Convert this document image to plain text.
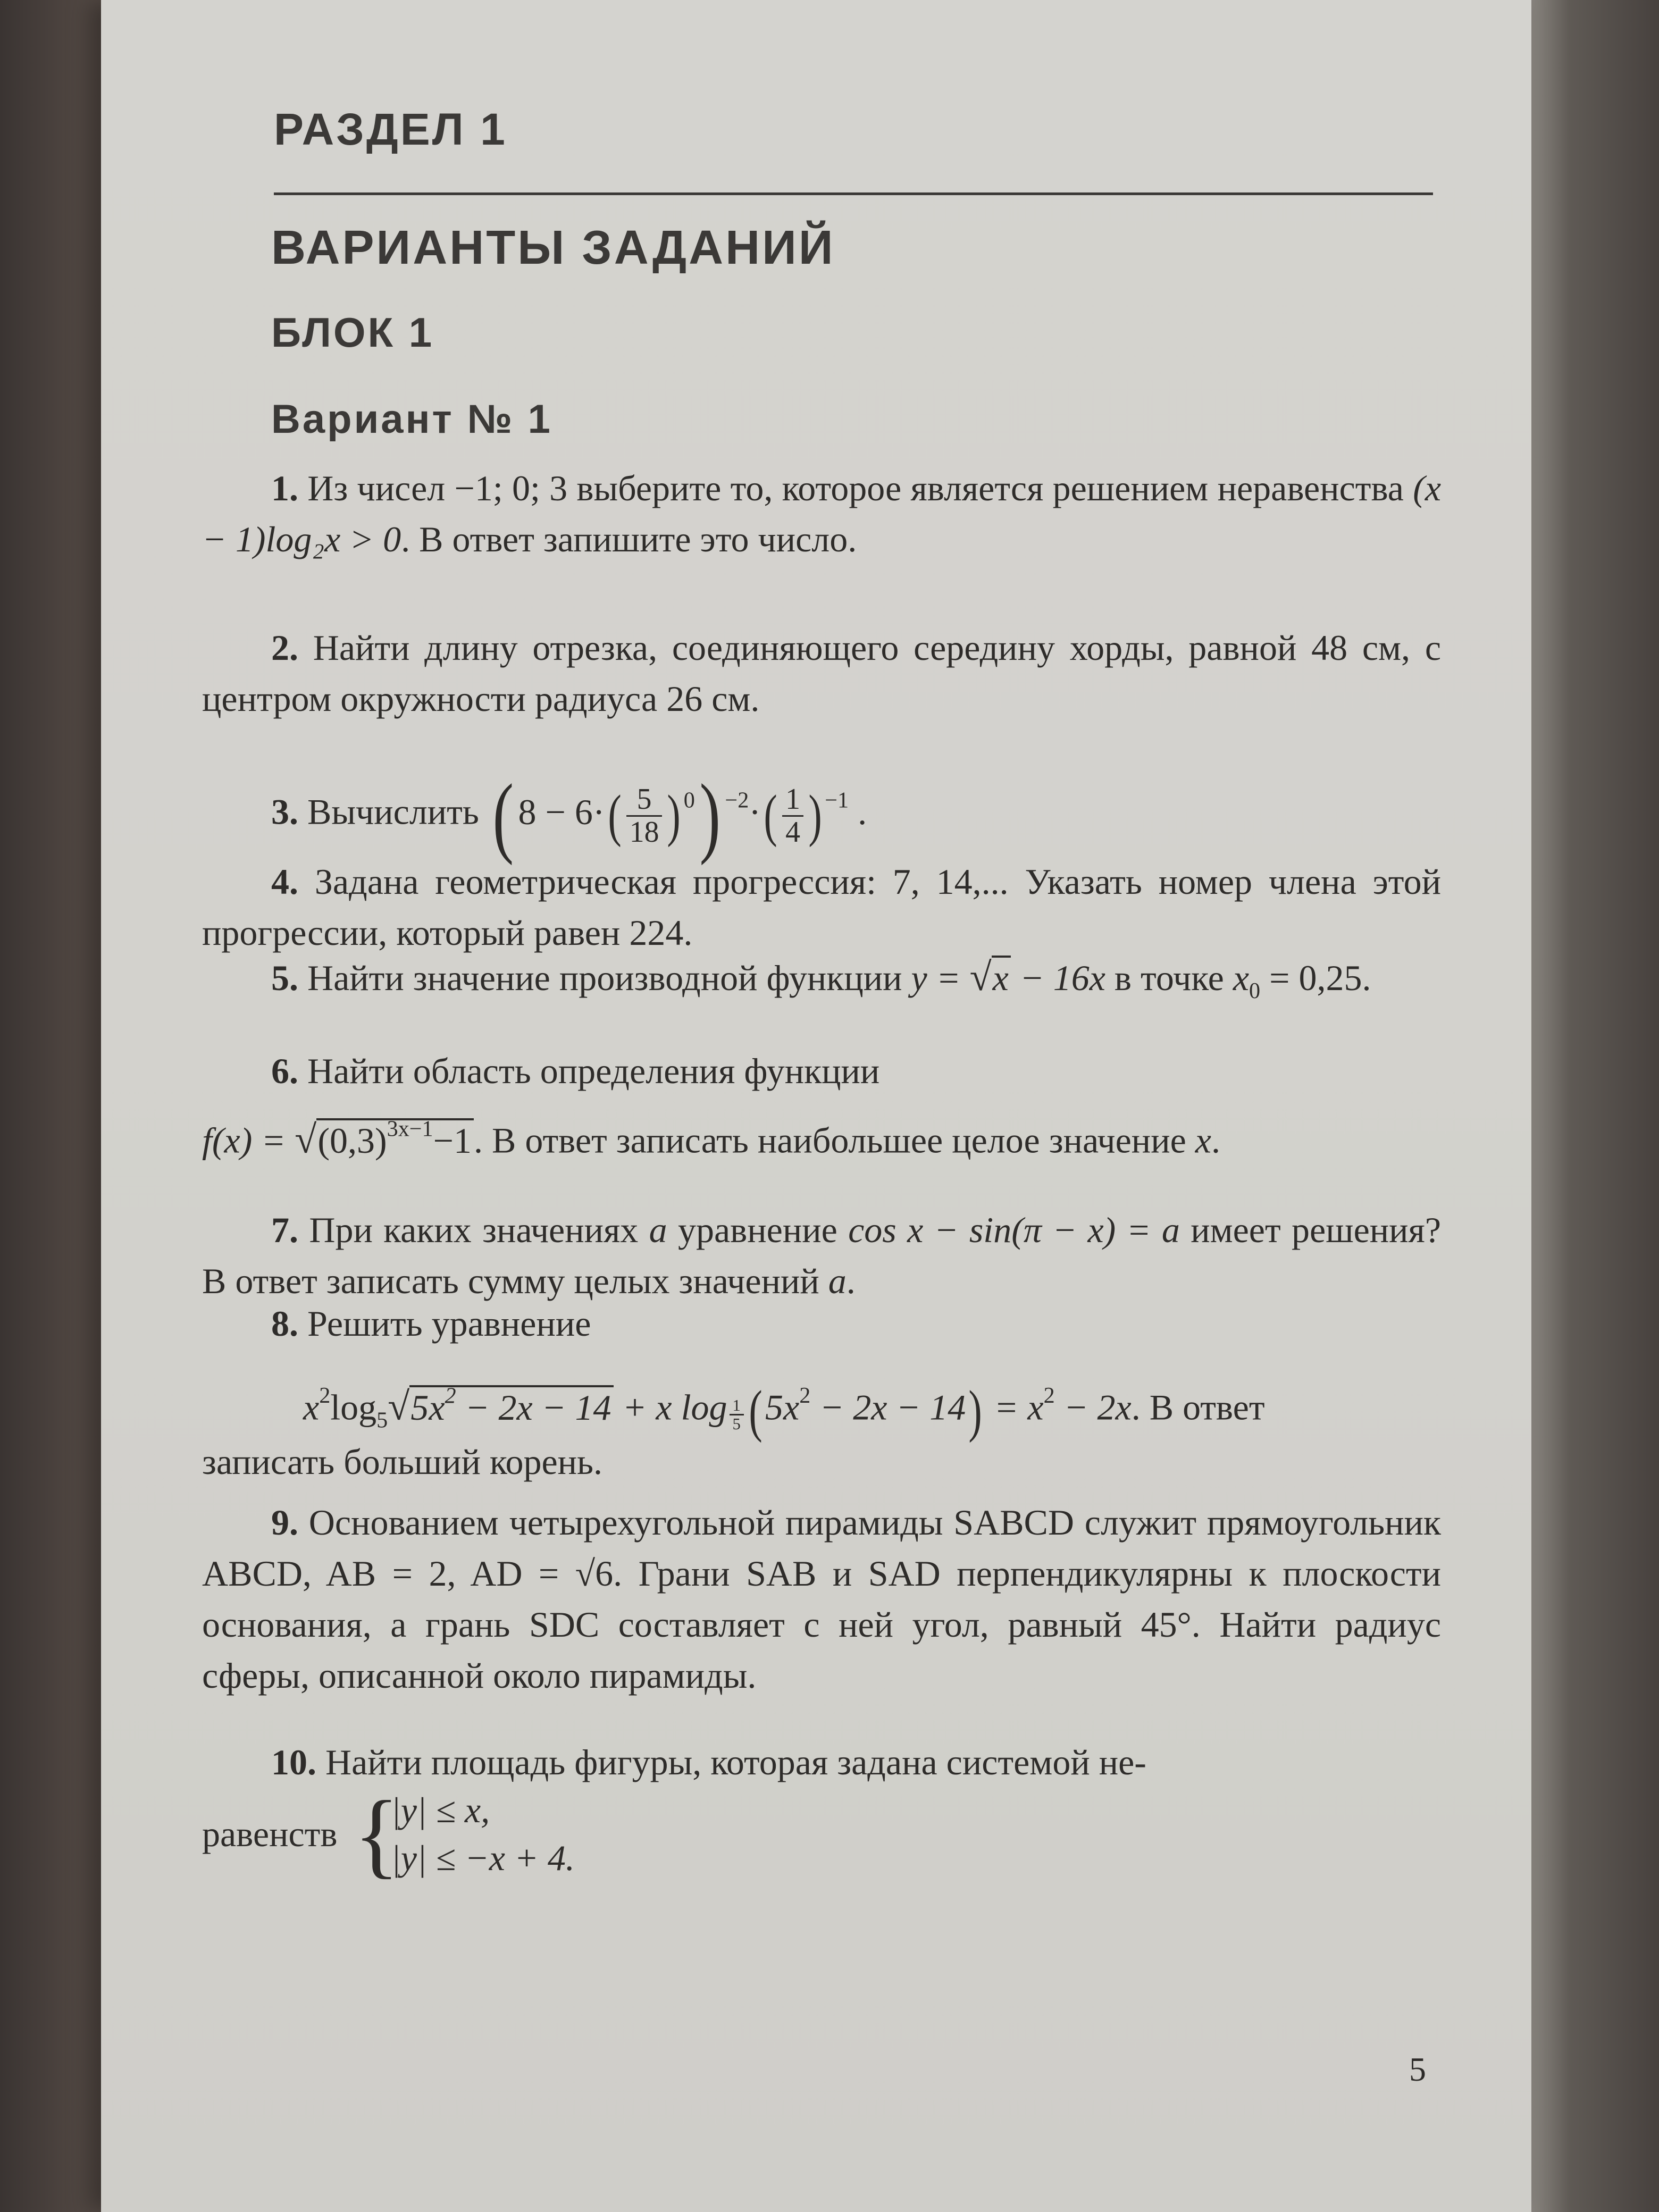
РАЗДЕЛ 1
ВАРИАНТЫ ЗАДАНИЙ
БЛОК 1
Вариант № 1
1. Из чисел −1; 0; 3 выберите то, которое является решением неравенства (x − 1)log₂x > 0. В ответ запишите это число.
2. Найти длину отрезка, соединяющего середину хорды, равной 48 см, с центром окружности радиуса 26 см.
3. Вычислить ( $8 - 6\cdot( \frac{5}{18}$ ) $^0$) $^{-2}\cdot( \frac{1}{4}$ ) $^{-1}$ .
4. Задана геометрическая прогрессия: 7, 14,... Указать номер члена этой прогрессии, который равен 224.
5. Найти значение производной функции y = √x − 16x в точке $x_0 = 0,25$.
6. Найти область определения функции
$f(x) = √(0,3)^{3x-1}-1$. В ответ записать наибольшее целое значение x.
7. При каких значениях a уравнение cos x − sin(π − x) = a имеет решения? В ответ записать сумму целых значений a.
8. Решить уравнение
$x^2\log_5√5x^2 - 2x - 14 + x$ $\log \frac{1}{5} (5x^2 - 2x - 14) = x^2 - 2x$. В ответ
записать больший корень.
9. Основанием четырехугольной пирамиды SABCD служит прямоугольник ABCD, AB = 2, AD = √6. Грани SAB и SAD перпендикулярны к плоскости основания, а грань SDC составляет с ней угол, равный 45°. Найти радиус сферы, описанной около пирамиды.
10. Найти площадь фигуры, которая задана системой не-
равенств {
|y| ≤ x,
|y| ≤ −x + 4.
5
